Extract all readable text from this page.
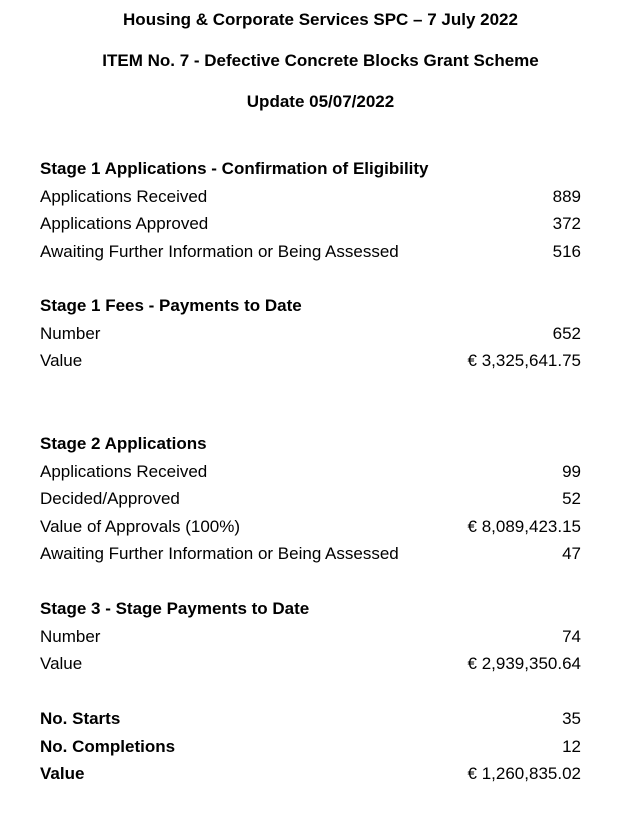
Housing & Corporate Services SPC – 7 July 2022
ITEM No. 7 - Defective Concrete Blocks Grant Scheme
Update 05/07/2022
Stage 1 Applications - Confirmation of Eligibility
Applications Received	889
Applications Approved	372
Awaiting Further Information or Being Assessed	516
Stage 1 Fees - Payments to Date
Number	652
Value	€ 3,325,641.75
Stage 2 Applications
Applications Received	99
Decided/Approved	52
Value of Approvals (100%)	€ 8,089,423.15
Awaiting Further Information or Being Assessed	47
Stage 3 - Stage Payments to Date
Number	74
Value	€ 2,939,350.64
No. Starts	35
No. Completions	12
Value	€ 1,260,835.02
